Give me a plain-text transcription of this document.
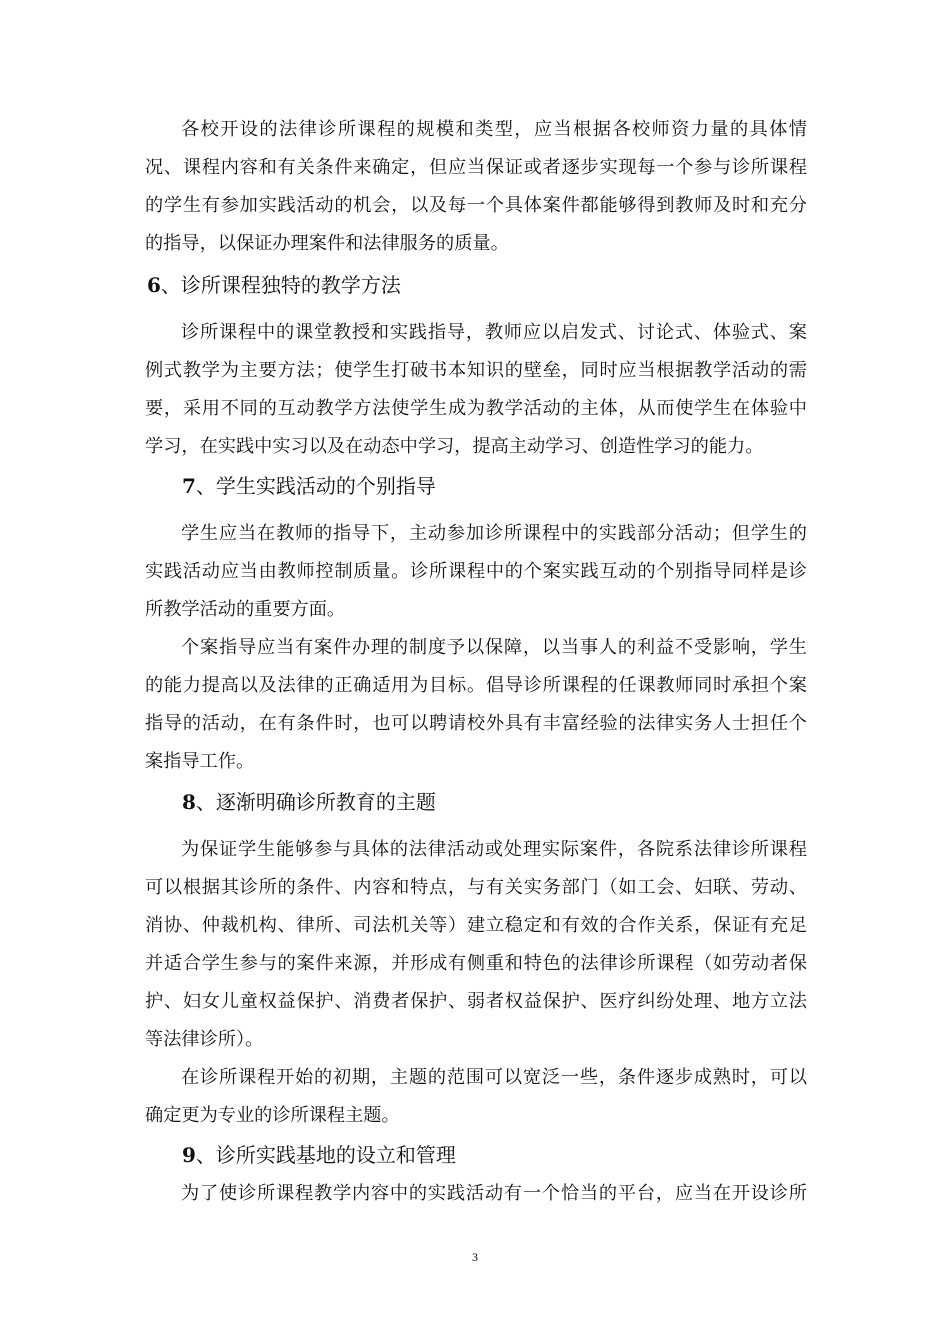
各校开设的法律诊所课程的规模和类型，应当根据各校师资力量的具体情
况、课程内容和有关条件来确定，但应当保证或者逐步实现每一个参与诊所课程
的学生有参加实践活动的机会，以及每一个具体案件都能够得到教师及时和充分
的指导，以保证办理案件和法律服务的质量。
6、诊所课程独特的教学方法
诊所课程中的课堂教授和实践指导，教师应以启发式、讨论式、体验式、案
例式教学为主要方法；使学生打破书本知识的壁垒，同时应当根据教学活动的需
要，采用不同的互动教学方法使学生成为教学活动的主体，从而使学生在体验中
学习，在实践中实习以及在动态中学习，提高主动学习、创造性学习的能力。
7、学生实践活动的个别指导
学生应当在教师的指导下，主动参加诊所课程中的实践部分活动；但学生的
实践活动应当由教师控制质量。诊所课程中的个案实践互动的个别指导同样是诊
所教学活动的重要方面。
个案指导应当有案件办理的制度予以保障，以当事人的利益不受影响，学生
的能力提高以及法律的正确适用为目标。倡导诊所课程的任课教师同时承担个案
指导的活动，在有条件时，也可以聘请校外具有丰富经验的法律实务人士担任个
案指导工作。
8、逐渐明确诊所教育的主题
为保证学生能够参与具体的法律活动或处理实际案件，各院系法律诊所课程
可以根据其诊所的条件、内容和特点，与有关实务部门（如工会、妇联、劳动、
消协、仲裁机构、律所、司法机关等）建立稳定和有效的合作关系，保证有充足
并适合学生参与的案件来源，并形成有侧重和特色的法律诊所课程（如劳动者保
护、妇女儿童权益保护、消费者保护、弱者权益保护、医疗纠纷处理、地方立法
等法律诊所）。
在诊所课程开始的初期，主题的范围可以宽泛一些，条件逐步成熟时，可以
确定更为专业的诊所课程主题。
9、诊所实践基地的设立和管理
为了使诊所课程教学内容中的实践活动有一个恰当的平台，应当在开设诊所
3
